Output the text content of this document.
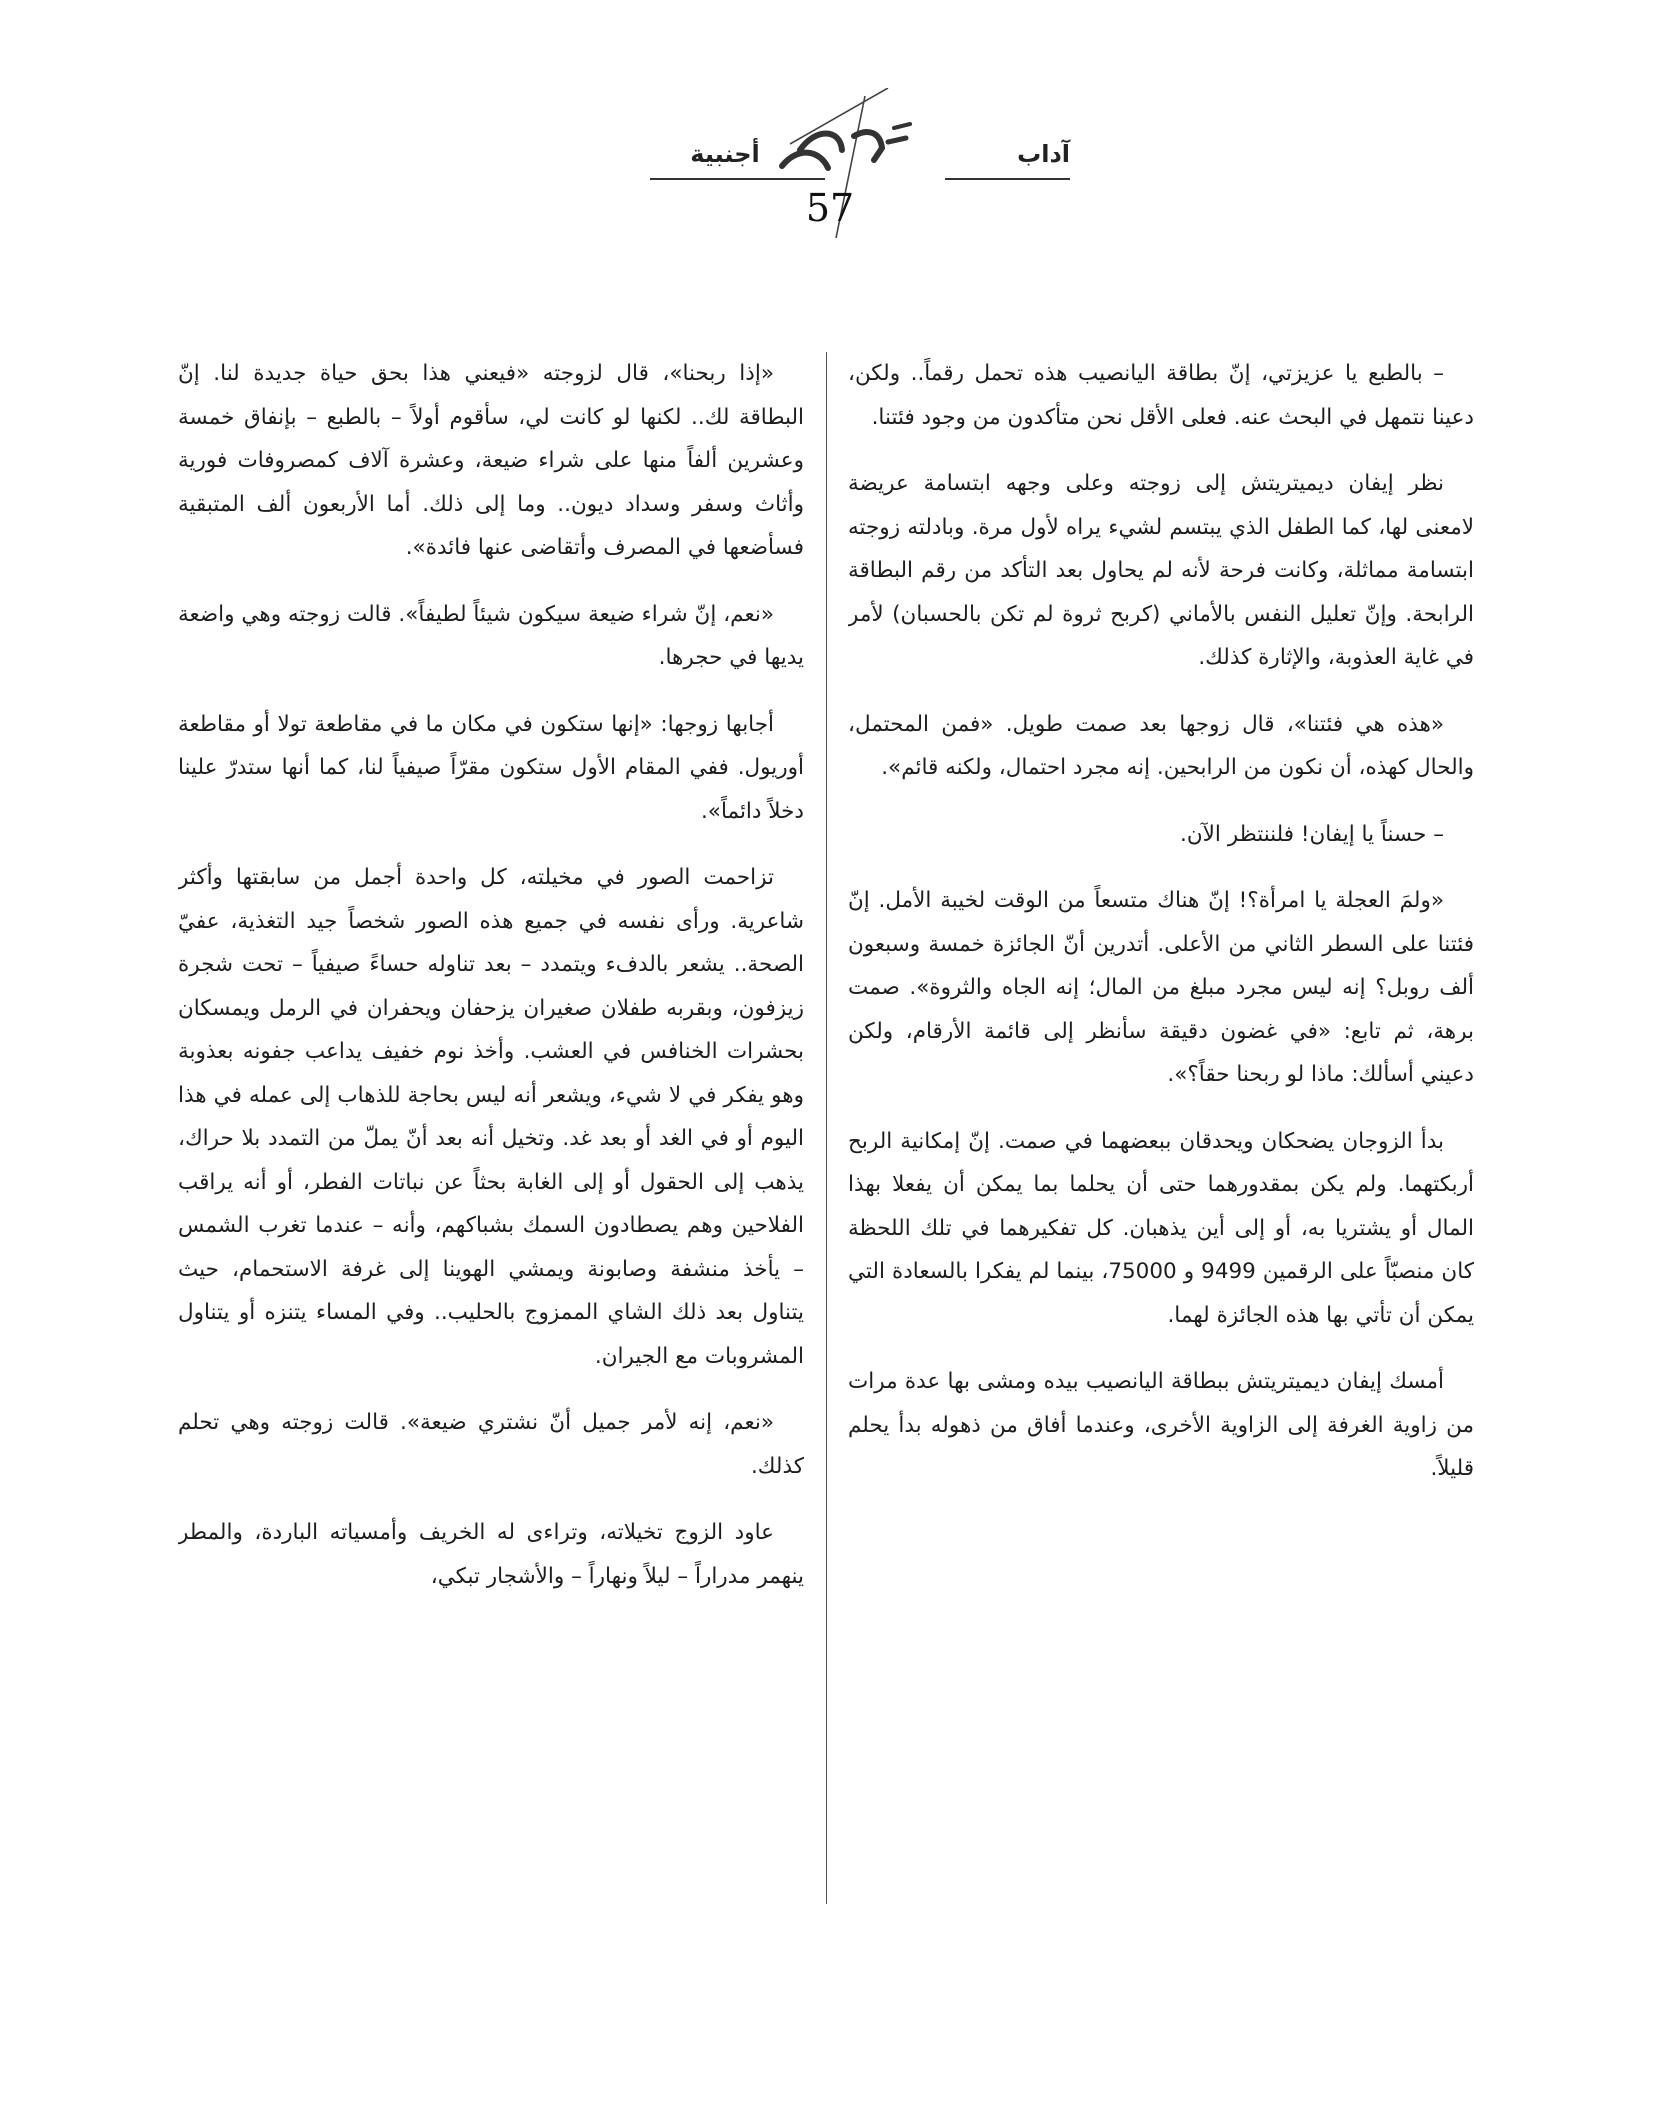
آداب
أجنبية
57

– بالطبع يا عزيزتي، إنّ بطاقة اليانصيب هذه تحمل رقماً.. ولكن، دعينا نتمهل في البحث عنه. فعلى الأقل نحن متأكدون من وجود فئتنا.

نظر إيفان ديميتريتش إلى زوجته وعلى وجهه ابتسامة عريضة لامعنى لها، كما الطفل الذي يبتسم لشيء يراه لأول مرة. وبادلته زوجته ابتسامة مماثلة، وكانت فرحة لأنه لم يحاول بعد التأكد من رقم البطاقة الرابحة. وإنّ تعليل النفس بالأماني (كربح ثروة لم تكن بالحسبان) لأمر في غاية العذوبة، والإثارة كذلك.

«هذه هي فئتنا»، قال زوجها بعد صمت طويل. «فمن المحتمل، والحال كهذه، أن نكون من الرابحين. إنه مجرد احتمال، ولكنه قائم».

– حسناً يا إيفان! فلننتظر الآن.

«ولمَ العجلة يا امرأة؟! إنّ هناك متسعاً من الوقت لخيبة الأمل. إنّ فئتنا على السطر الثاني من الأعلى. أتدرين أنّ الجائزة خمسة وسبعون ألف روبل؟ إنه ليس مجرد مبلغ من المال؛ إنه الجاه والثروة». صمت برهة، ثم تابع: «في غضون دقيقة سأنظر إلى قائمة الأرقام، ولكن دعيني أسألك: ماذا لو ربحنا حقاً؟».

بدأ الزوجان يضحكان ويحدقان ببعضهما في صمت. إنّ إمكانية الربح أربكتهما. ولم يكن بمقدورهما حتى أن يحلما بما يمكن أن يفعلا بهذا المال أو يشتريا به، أو إلى أين يذهبان. كل تفكيرهما في تلك اللحظة كان منصبّاً على الرقمين 9499 و 75000، بينما لم يفكرا بالسعادة التي يمكن أن تأتي بها هذه الجائزة لهما.

أمسك إيفان ديميتريتش ببطاقة اليانصيب بيده ومشى بها عدة مرات من زاوية الغرفة إلى الزاوية الأخرى، وعندما أفاق من ذهوله بدأ يحلم قليلاً.

«إذا ربحنا»، قال لزوجته «فيعني هذا بحق حياة جديدة لنا. إنّ البطاقة لك.. لكنها لو كانت لي، سأقوم أولاً – بالطبع – بإنفاق خمسة وعشرين ألفاً منها على شراء ضيعة، وعشرة آلاف كمصروفات فورية وأثاث وسفر وسداد ديون.. وما إلى ذلك. أما الأربعون ألف المتبقية فسأضعها في المصرف وأتقاضى عنها فائدة».

«نعم، إنّ شراء ضيعة سيكون شيئاً لطيفاً». قالت زوجته وهي واضعة يديها في حجرها.

أجابها زوجها: «إنها ستكون في مكان ما في مقاطعة تولا أو مقاطعة أوريول. ففي المقام الأول ستكون مقرّاً صيفياً لنا، كما أنها ستدرّ علينا دخلاً دائماً».

تزاحمت الصور في مخيلته، كل واحدة أجمل من سابقتها وأكثر شاعرية. ورأى نفسه في جميع هذه الصور شخصاً جيد التغذية، عفيّ الصحة.. يشعر بالدفء ويتمدد – بعد تناوله حساءً صيفياً – تحت شجرة زيزفون، وبقربه طفلان صغيران يزحفان ويحفران في الرمل ويمسكان بحشرات الخنافس في العشب. وأخذ نوم خفيف يداعب جفونه بعذوبة وهو يفكر في لا شيء، ويشعر أنه ليس بحاجة للذهاب إلى عمله في هذا اليوم أو في الغد أو بعد غد. وتخيل أنه بعد أنّ يملّ من التمدد بلا حراك، يذهب إلى الحقول أو إلى الغابة بحثاً عن نباتات الفطر، أو أنه يراقب الفلاحين وهم يصطادون السمك بشباكهم، وأنه – عندما تغرب الشمس – يأخذ منشفة وصابونة ويمشي الهوينا إلى غرفة الاستحمام، حيث يتناول بعد ذلك الشاي الممزوج بالحليب.. وفي المساء يتنزه أو يتناول المشروبات مع الجيران.

«نعم، إنه لأمر جميل أنّ نشتري ضيعة». قالت زوجته وهي تحلم كذلك.

عاود الزوج تخيلاته، وتراءى له الخريف وأمسياته الباردة، والمطر ينهمر مدراراً – ليلاً ونهاراً – والأشجار تبكي،
